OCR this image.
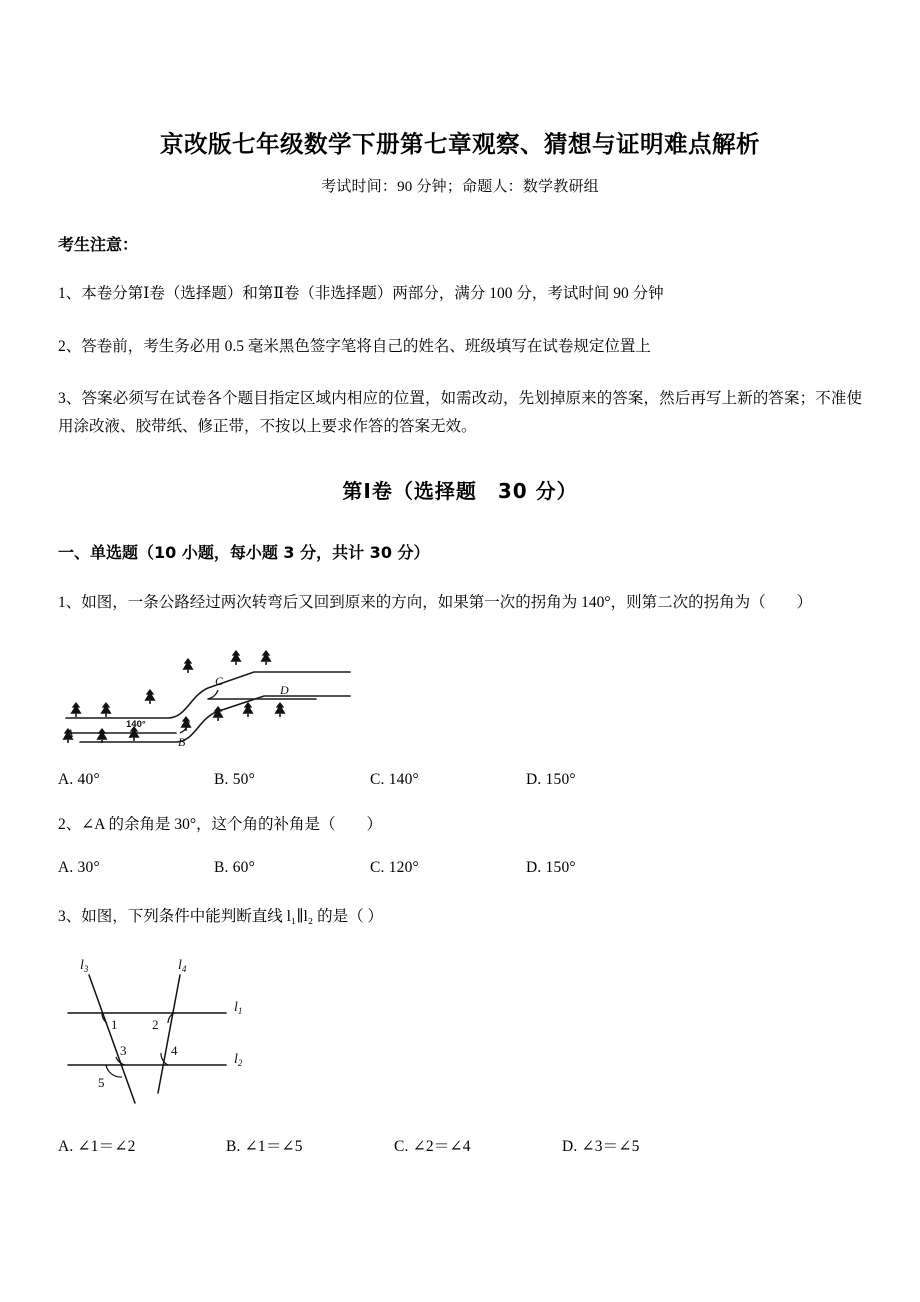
京改版七年级数学下册第七章观察、猜想与证明难点解析
考试时间：90 分钟；命题人：数学教研组
考生注意：

1、本卷分第Ⅰ卷（选择题）和第Ⅱ卷（非选择题）两部分，满分 100 分，考试时间 90 分钟

2、答卷前，考生务必用 0.5 毫米黑色签字笔将自己的姓名、班级填写在试卷规定位置上

3、答案必须写在试卷各个题目指定区域内相应的位置，如需改动，先划掉原来的答案，然后再写上新的答案；不准使用涂改液、胶带纸、修正带，不按以上要求作答的答案无效。

第Ⅰ卷（选择题　30 分）
一、单选题（10 小题，每小题 3 分，共计 30 分）

1、如图，一条公路经过两次转弯后又回到原来的方向，如果第一次的拐角为 140°，则第二次的拐角为（　　）

A
140°
B
C
D
A. 40°	B. 50°	C. 140°	D. 150°

2、∠A 的余角是 30°，这个角的补角是（　　）

A. 30°	B. 60°	C. 120°	D. 150°

3、如图，下列条件中能判断直线 l₁∥l₂ 的是（ ）

$l_1$
$l_2$
$l_3$	$l_4$
1	2
3	4
5
A. ∠1＝∠2	B. ∠1＝∠5	C. ∠2＝∠4	D. ∠3＝∠5
